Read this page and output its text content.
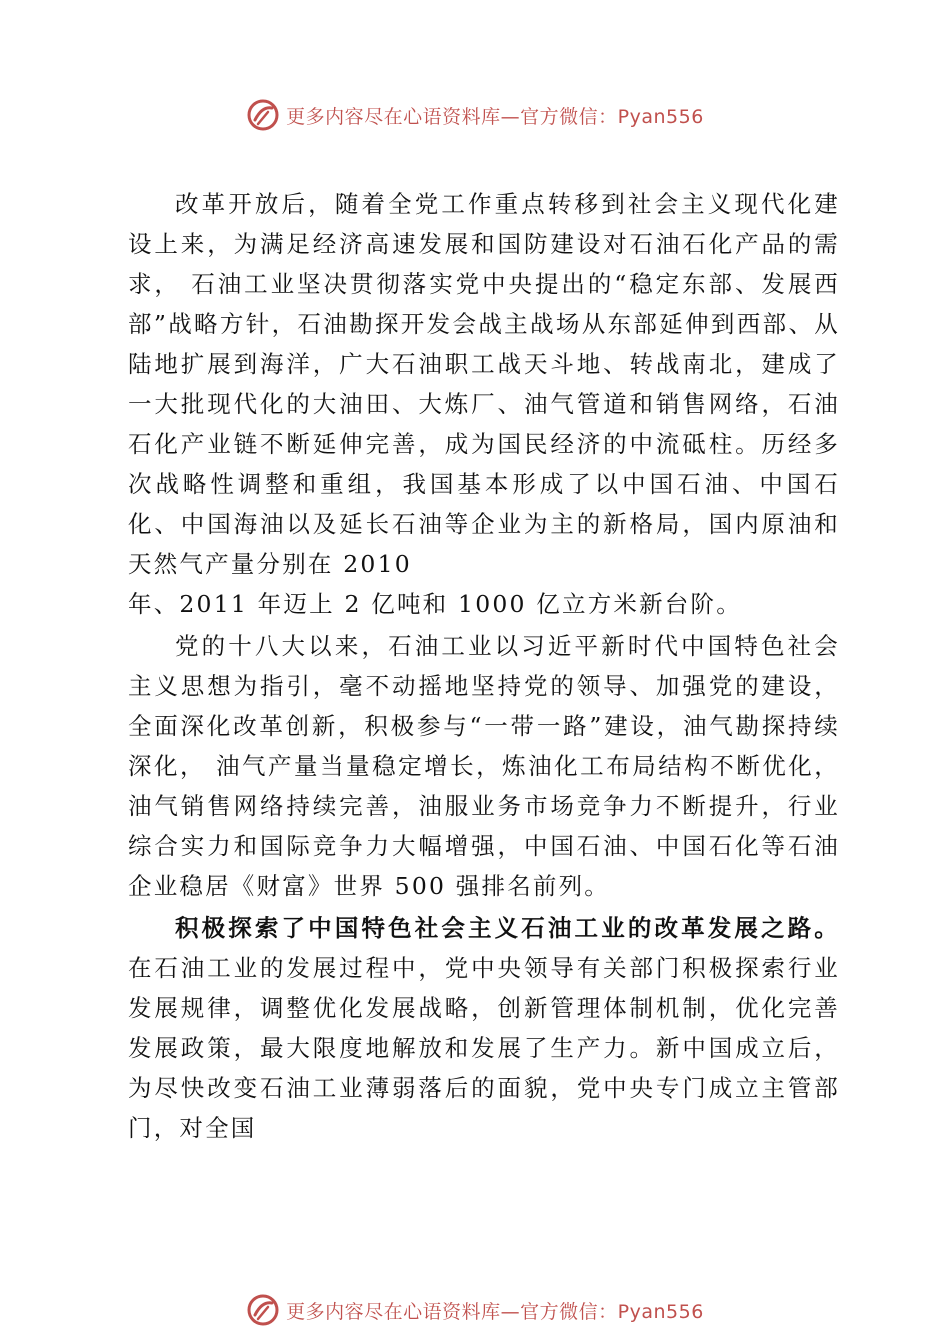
更多内容尽在心语资料库—官方微信：Pyan556

改革开放后，随着全党工作重点转移到社会主义现代化建设上来，为满足经济高速发展和国防建设对石油石化产品的需求， 石油工业坚决贯彻落实党中央提出的“稳定东部、发展西部”战略方针，石油勘探开发会战主战场从东部延伸到西部、从陆地扩展到海洋，广大石油职工战天斗地、转战南北，建成了一大批现代化的大油田、大炼厂、油气管道和销售网络，石油石化产业链不断延伸完善，成为国民经济的中流砥柱。历经多次战略性调整和重组，我国基本形成了以中国石油、中国石化、中国海油以及延长石油等企业为主的新格局，国内原油和天然气产量分别在 2010

年、2011 年迈上 2 亿吨和 1000 亿立方米新台阶。

党的十八大以来，石油工业以习近平新时代中国特色社会主义思想为指引，毫不动摇地坚持党的领导、加强党的建设，全面深化改革创新，积极参与“一带一路”建设，油气勘探持续深化， 油气产量当量稳定增长，炼油化工布局结构不断优化，油气销售网络持续完善，油服业务市场竞争力不断提升，行业综合实力和国际竞争力大幅增强，中国石油、中国石化等石油企业稳居《财富》世界 500 强排名前列。

积极探索了中国特色社会主义石油工业的改革发展之路。在石油工业的发展过程中，党中央领导有关部门积极探索行业发展规律，调整优化发展战略，创新管理体制机制，优化完善发展政策，最大限度地解放和发展了生产力。新中国成立后，为尽快改变石油工业薄弱落后的面貌，党中央专门成立主管部门，对全国

更多内容尽在心语资料库—官方微信：Pyan556
